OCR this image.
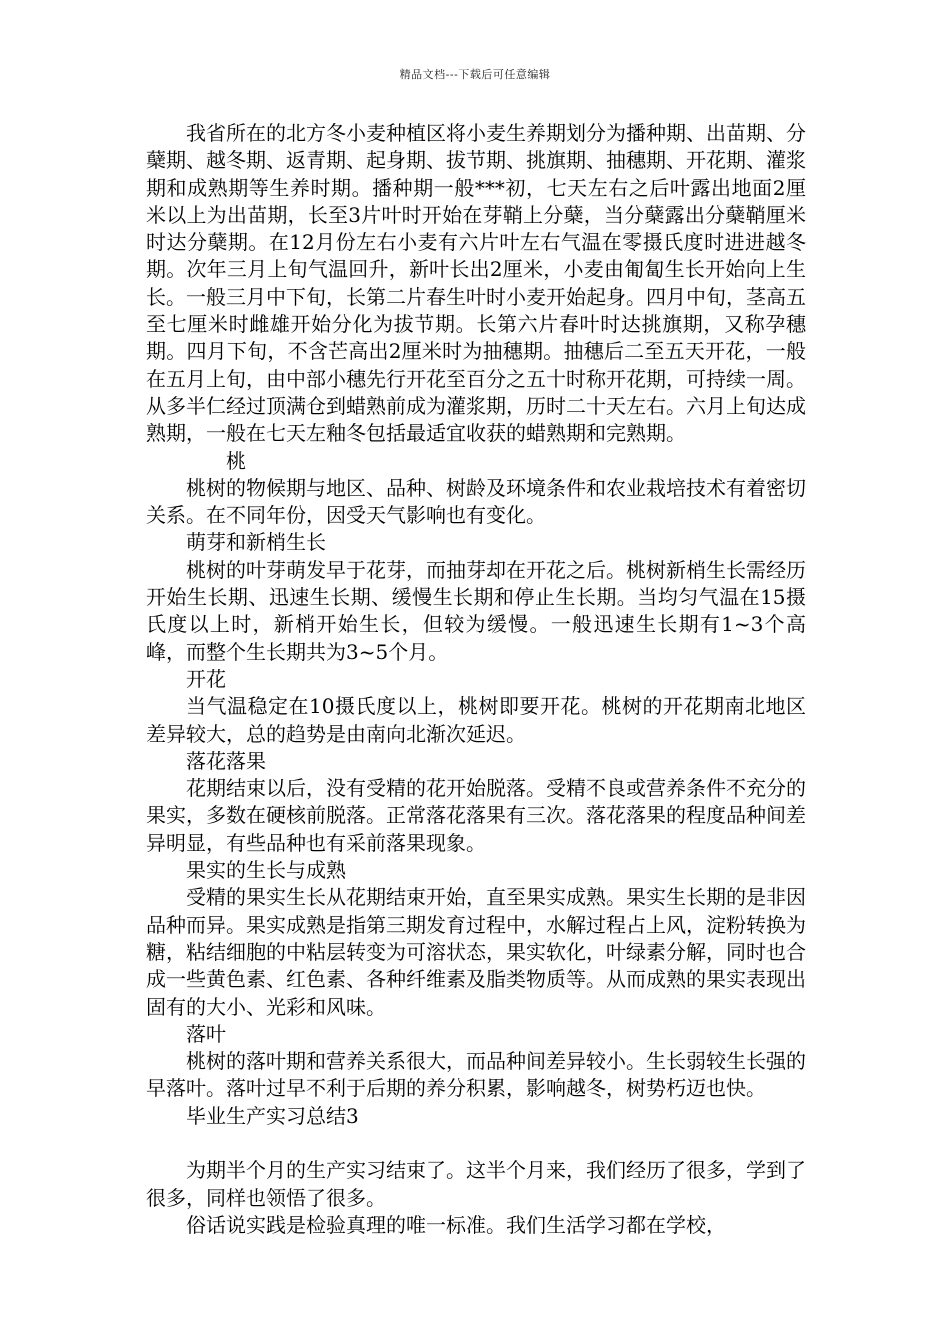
精品文档---下载后可任意编辑

我省所在的北方冬小麦种植区将小麦生养期划分为播种期、出苗期、分蘖期、越冬期、返青期、起身期、拔节期、挑旗期、抽穗期、开花期、灌浆期和成熟期等生养时期。播种期一般***初，七天左右之后叶露出地面2厘米以上为出苗期，长至3片叶时开始在芽鞘上分蘖，当分蘖露出分蘖鞘厘米时达分蘖期。在12月份左右小麦有六片叶左右气温在零摄氏度时进进越冬期。次年三月上旬气温回升，新叶长出2厘米，小麦由匍匐生长开始向上生长。一般三月中下旬，长第二片春生叶时小麦开始起身。四月中旬，茎高五至七厘米时雌雄开始分化为拔节期。长第六片春叶时达挑旗期，又称孕穗期。四月下旬，不含芒高出2厘米时为抽穗期。抽穗后二至五天开花，一般在五月上旬，由中部小穗先行开花至百分之五十时称开花期，可持续一周。从多半仁经过顶满仓到蜡熟前成为灌浆期，历时二十天左右。六月上旬达成熟期，一般在七天左釉冬包括最适宜收获的蜡熟期和完熟期。

桃

桃树的物候期与地区、品种、树龄及环境条件和农业栽培技术有着密切关系。在不同年份，因受天气影响也有变化。

萌芽和新梢生长

桃树的叶芽萌发早于花芽，而抽芽却在开花之后。桃树新梢生长需经历开始生长期、迅速生长期、缓慢生长期和停止生长期。当均匀气温在15摄氏度以上时，新梢开始生长，但较为缓慢。一般迅速生长期有1~3个高峰，而整个生长期共为3~5个月。

开花

当气温稳定在10摄氏度以上，桃树即要开花。桃树的开花期南北地区差异较大，总的趋势是由南向北渐次延迟。

落花落果

花期结束以后，没有受精的花开始脱落。受精不良或营养条件不充分的果实，多数在硬核前脱落。正常落花落果有三次。落花落果的程度品种间差异明显，有些品种也有采前落果现象。

果实的生长与成熟

受精的果实生长从花期结束开始，直至果实成熟。果实生长期的是非因品种而异。果实成熟是指第三期发育过程中，水解过程占上风，淀粉转换为糖，粘结细胞的中粘层转变为可溶状态，果实软化，叶绿素分解，同时也合成一些黄色素、红色素、各种纤维素及脂类物质等。从而成熟的果实表现出固有的大小、光彩和风味。

落叶

桃树的落叶期和营养关系很大，而品种间差异较小。生长弱较生长强的早落叶。落叶过早不利于后期的养分积累，影响越冬，树势朽迈也快。

毕业生产实习总结3

为期半个月的生产实习结束了。这半个月来，我们经历了很多，学到了很多，同样也领悟了很多。

俗话说实践是检验真理的唯一标准。我们生活学习都在学校，
